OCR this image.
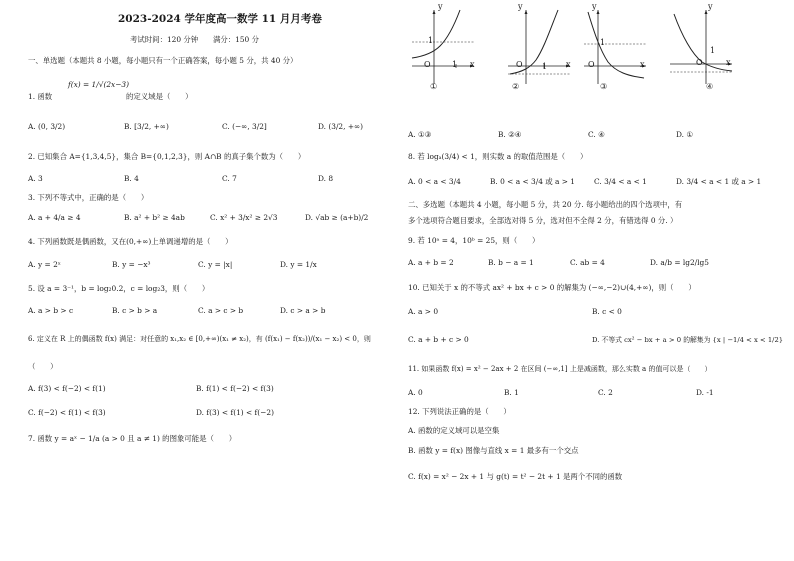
2023-2024 学年度高一数学 11 月月考卷
考试时间：120 分钟　　满分：150 分
一、单选题（本题共 8 小题，每小题只有一个正确答案，每小题 5 分，共 40 分）
f(x) = 1/√(2x−3)
1. 函数	的定义域是（　　）
A. (0, 3/2)	B. [3/2, +∞)	C. (−∞, 3/2]	D. (3/2, +∞)
2. 已知集合 A={1,3,4,5}，集合 B={0,1,2,3}，则 A∩B 的真子集个数为（　　）
A. 3	B. 4	C. 7	D. 8
3. 下列不等式中，正确的是（　　）
A. a + 4/a ≥ 4	B. a² + b² ≥ 4ab	C. x² + 3/x² ≥ 2√3	D. √ab ≥ (a+b)/2
4. 下列函数既是偶函数，又在(0,+∞)上单调递增的是（　　）
A. y = 2ˣ	B. y = −x³	C. y = |x|	D. y = 1/x
5. 设 a = 3⁻¹，b = log₂0.2，c = log₂3，则（　　）
A. a > b > c	B. c > b > a	C. a > c > b	D. c > a > b
6. 定义在 R 上的偶函数 f(x) 满足：对任意的 x₁,x₂ ∈ [0,+∞)(x₁ ≠ x₂)，有 (f(x₁) − f(x₂))/(x₁ − x₂) < 0，则
（　　）
A. f(3) < f(−2) < f(1)	B. f(1) < f(−2) < f(3)
C. f(−2) < f(1) < f(3)	D. f(3) < f(1) < f(−2)
7. 函数 y = aˣ − 1/a (a > 0 且 a ≠ 1) 的图象可能是（　　）
y
x
O
1
1
y
x
O 1
y
x
O
1
y
x
O
1
①	②	③	④
A. ①③	B. ②④	C. ④	D. ①
8. 若 logₐ(3/4) < 1，则实数 a 的取值范围是（　　）
A. 0 < a < 3/4	B. 0 < a < 3/4 或 a > 1	C. 3/4 < a < 1	D. 3/4 < a < 1 或 a > 1
二、多选题（本题共 4 小题，每小题 5 分，共 20 分. 每小题给出的四个选项中，有
多个选项符合题目要求，全部选对得 5 分，选对但不全得 2 分，有错选得 0 分. ）
9. 若 10ᵃ = 4，10ᵇ = 25，则（　　）
A. a + b = 2	B. b − a = 1	C. ab = 4	D. a/b = lg2/lg5
10. 已知关于 x 的不等式 ax² + bx + c > 0 的解集为 (−∞,−2)∪(4,+∞)，则（　　）
A. a > 0	B. c < 0
C. a + b + c > 0	D. 不等式 cx² − bx + a > 0 的解集为 {x | −1/4 < x < 1/2}
11. 如果函数 f(x) = x² − 2ax + 2 在区间 (−∞,1] 上是减函数，那么实数 a 的值可以是（　　）
A. 0	B. 1	C. 2	D. -1
12. 下列说法正确的是（　　）
A. 函数的定义域可以是空集
B. 函数 y = f(x) 图像与直线 x = 1 最多有一个交点
C. f(x) = x² − 2x + 1 与 g(t) = t² − 2t + 1 是两个不同的函数
